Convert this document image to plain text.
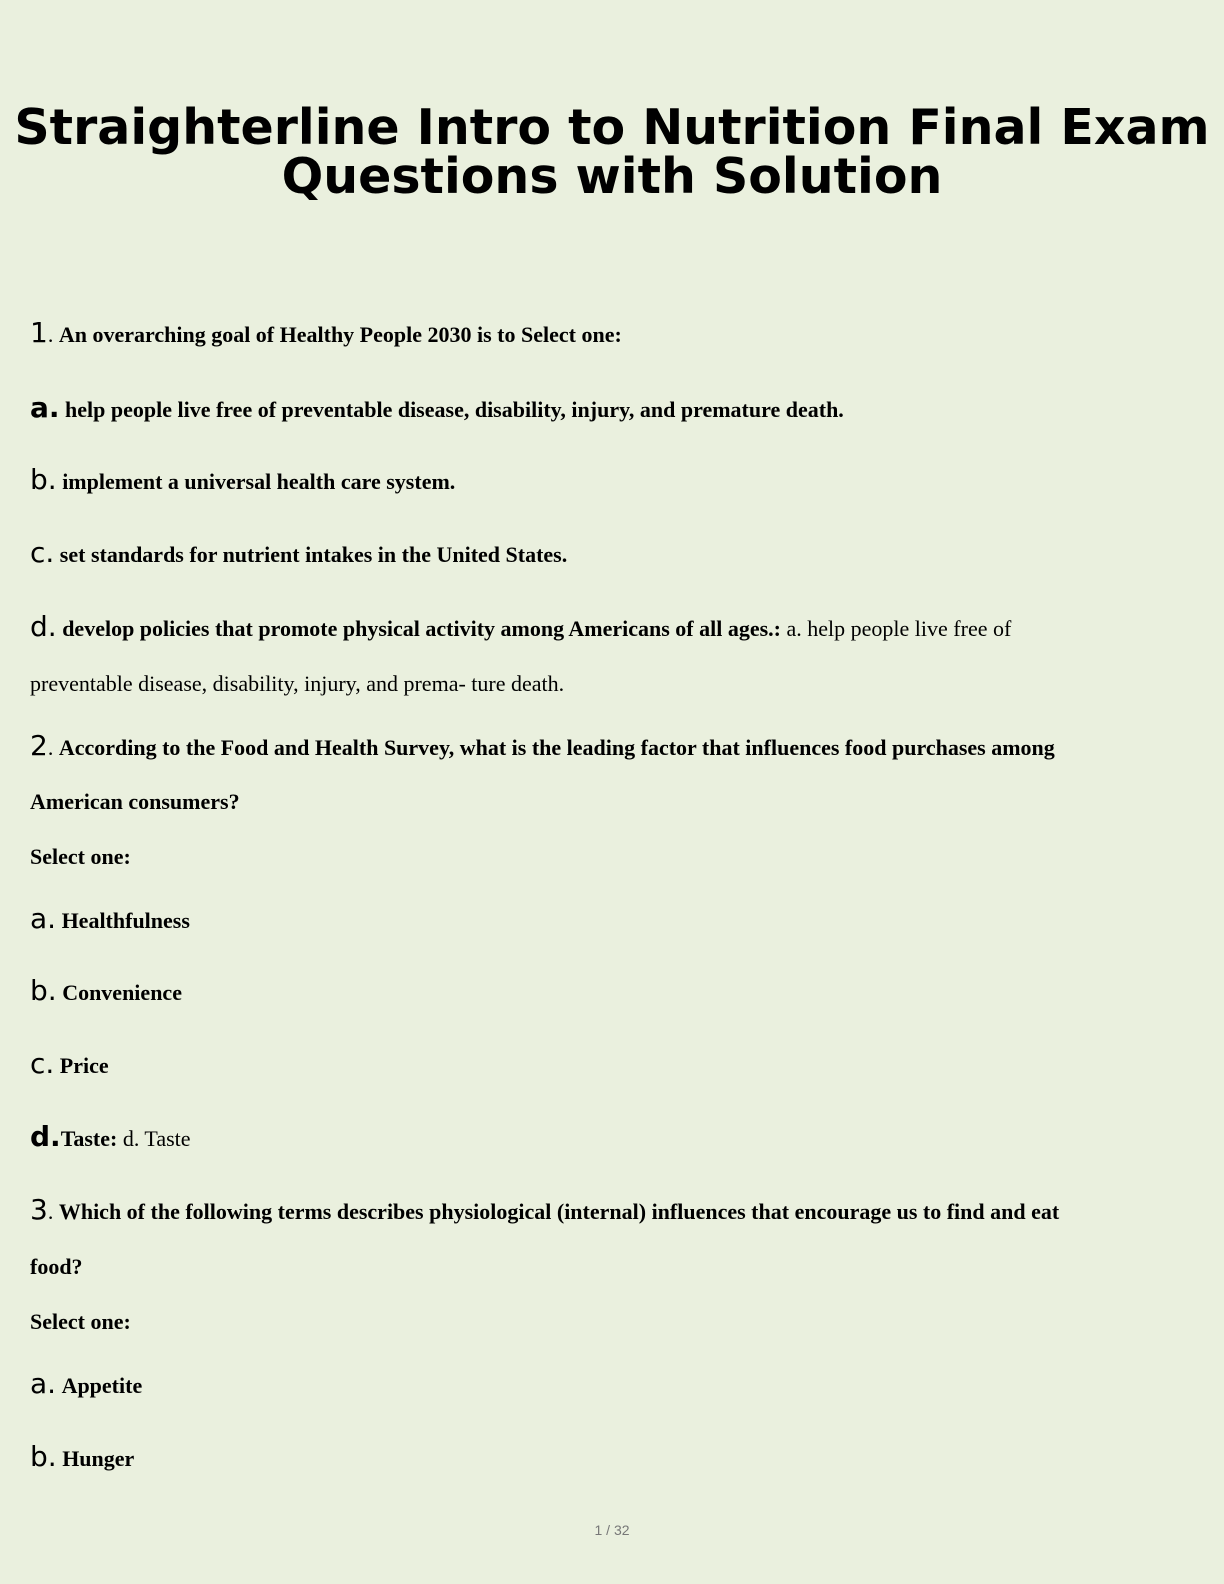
Straighterline Intro to Nutrition Final Exam
Questions with Solution
1. An overarching goal of Healthy People 2030 is to Select one:
a. help people live free of preventable disease, disability, injury, and premature death.
b. implement a universal health care system.
c. set standards for nutrient intakes in the United States.
d. develop policies that promote physical activity among Americans of all ages.: a. help people live free of
preventable disease, disability, injury, and prema- ture death.
2. According to the Food and Health Survey, what is the leading factor that influences food purchases among
American consumers?
Select one:
a. Healthfulness
b. Convenience
c. Price
d.Taste: d. Taste
3. Which of the following terms describes physiological (internal) influences that encourage us to find and eat
food?
Select one:
a. Appetite
b. Hunger
1 / 32
